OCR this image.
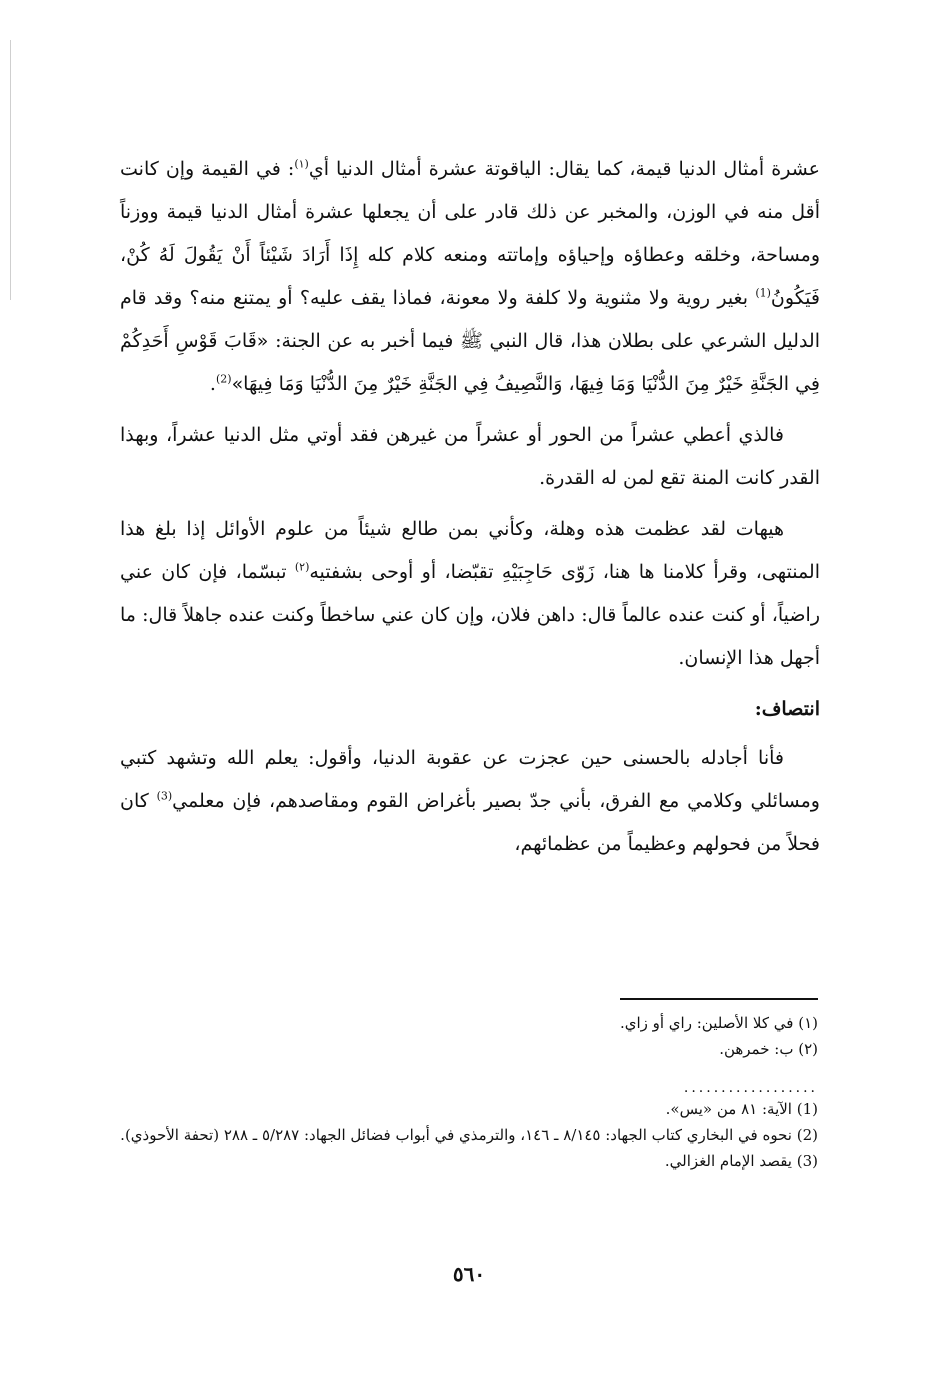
عشرة أمثال الدنيا قيمة، كما يقال: الياقوتة عشرة أمثال الدنيا أي$^{(١)}$: في القيمة وإن كانت أقل منه في الوزن، والمخبر عن ذلك قادر على أن يجعلها عشرة أمثال الدنيا قيمة ووزناً ومساحة، وخلقه وعطاؤه وإحياؤه وإماتته ومنعه كلام كله إِذَا أَرَادَ شَيْئاً أَنْ يَقُولَ لَهُ كُنْ، فَيَكُونُ$^{(1)}$ بغير روية ولا مثنوية ولا كلفة ولا معونة، فماذا يقف عليه؟ أو يمتنع منه؟ وقد قام الدليل الشرعي على بطلان هذا، قال النبي ﷺ فيما أخبر به عن الجنة: «قَابَ قَوْسِ أَحَدِكُمْ فِي الجَنَّةِ خَيْرٌ مِنَ الدُّنْيَا وَمَا فِيهَا، وَالنَّصِيفُ فِي الجَنَّةِ خَيْرٌ مِنَ الدُّنْيَا وَمَا فِيهَا»$^{(2)}$.

فالذي أعطي عشراً من الحور أو عشراً من غيرهن فقد أوتي مثل الدنيا عشراً، وبهذا القدر كانت المنة تقع لمن له القدرة.

هيهات لقد عظمت هذه وهلة، وكأني بمن طالع شيئاً من علوم الأوائل إذا بلغ هذا المنتهى، وقرأ كلامنا ها هنا، زَوّى حَاجِبَيْهِ تقبّضا، أو أوحى بشفتيه$^{(٢)}$ تبسّما، فإن كان عني راضياً، أو كنت عنده عالماً قال: داهن فلان، وإن كان عني ساخطاً وكنت عنده جاهلاً قال: ما أجهل هذا الإنسان.

انتصاف:

فأنا أجادله بالحسنى حين عجزت عن عقوبة الدنيا، وأقول: يعلم الله وتشهد كتبي ومسائلي وكلامي مع الفرق، بأني جدّ بصير بأغراض القوم ومقاصدهم، فإن معلمي$^{(3)}$ كان فحلاً من فحولهم وعظيماً من عظمائهم،

(١) في كلا الأصلين: راي أو زاي.

(٢) ب: خمرهن.

..................

(1) الآية: ٨١ من «يس».

(2) نحوه في البخاري كتاب الجهاد: ٨/١٤٥ ـ ١٤٦، والترمذي في أبواب فضائل الجهاد: ٥/٢٨٧ ـ ٢٨٨ (تحفة الأحوذي).

(3) يقصد الإمام الغزالي.

٥٦٠
